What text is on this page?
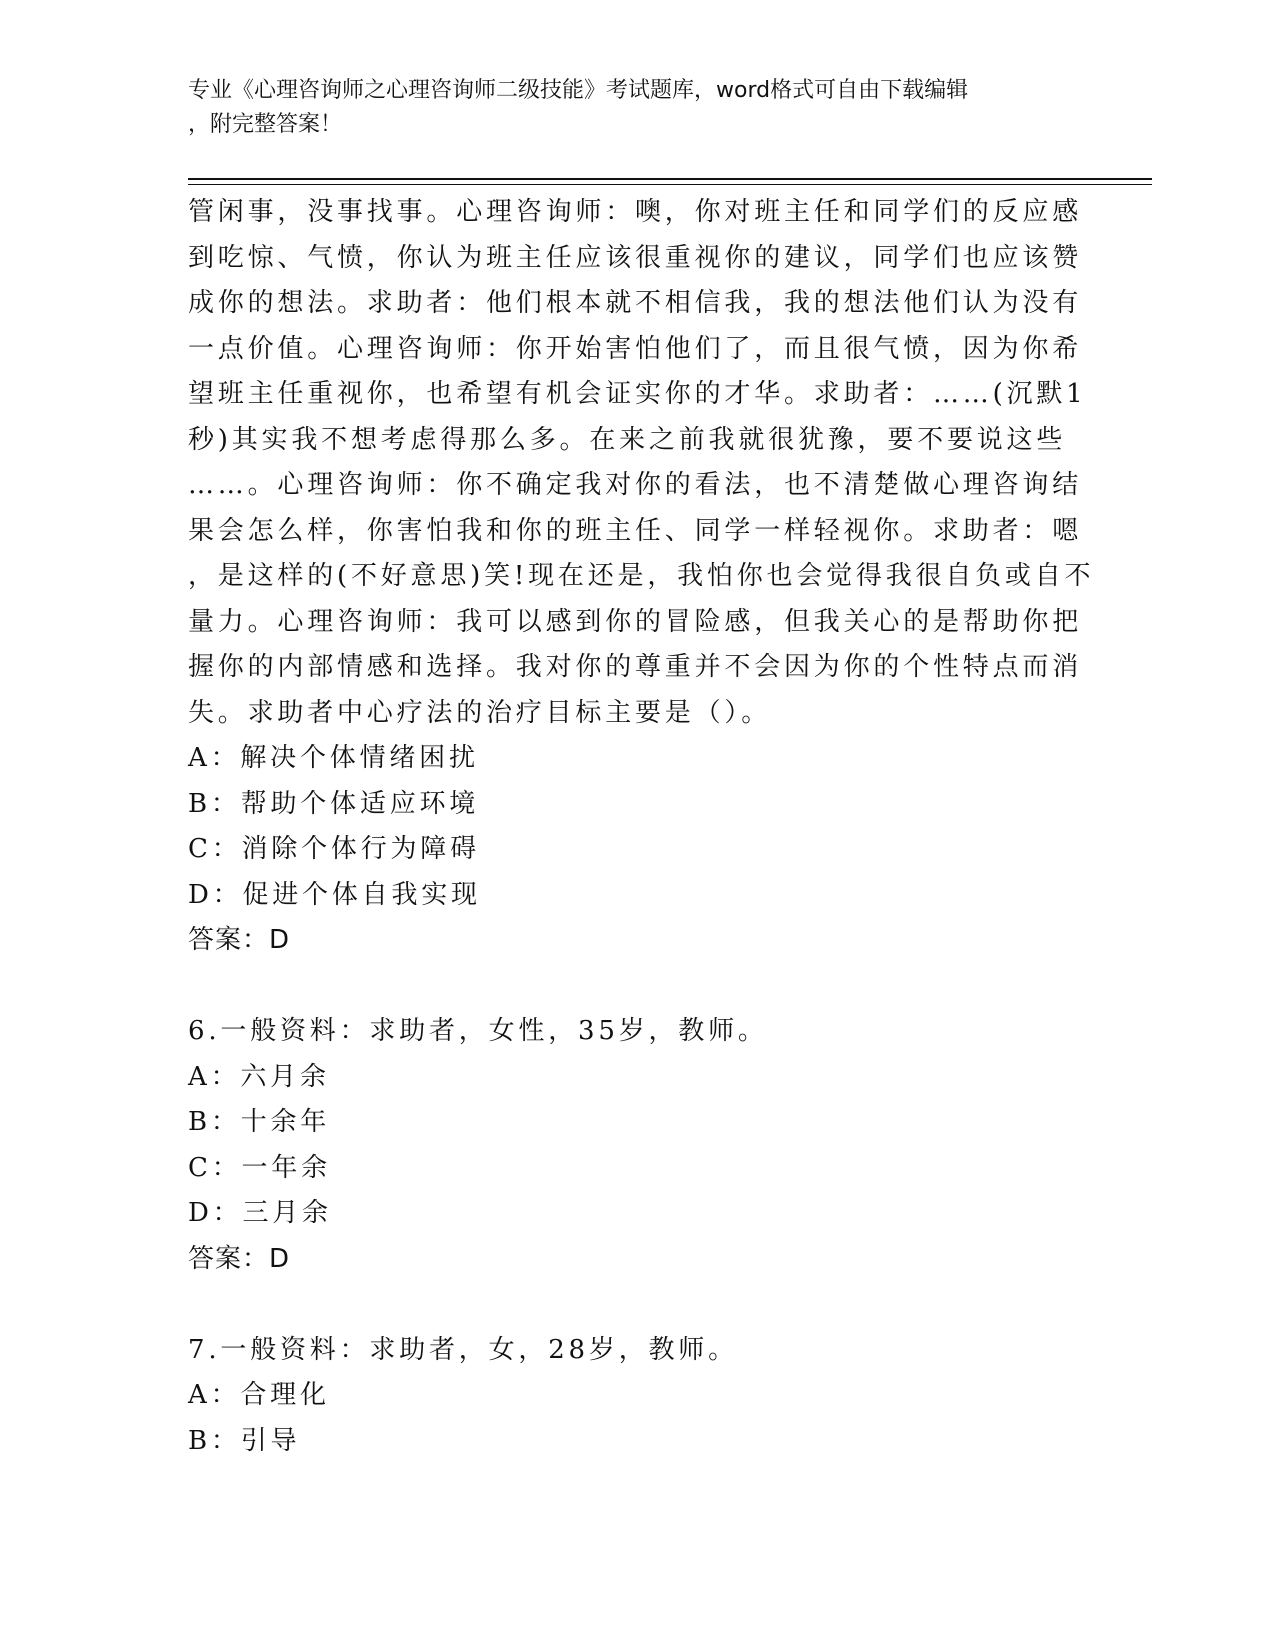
专业《心理咨询师之心理咨询师二级技能》考试题库，word格式可自由下载编辑
，附完整答案！
管闲事，没事找事。心理咨询师：噢，你对班主任和同学们的反应感
到吃惊、气愤，你认为班主任应该很重视你的建议，同学们也应该赞
成你的想法。求助者：他们根本就不相信我，我的想法他们认为没有
一点价值。心理咨询师：你开始害怕他们了，而且很气愤，因为你希
望班主任重视你，也希望有机会证实你的才华。求助者：……(沉默1
秒)其实我不想考虑得那么多。在来之前我就很犹豫，要不要说这些
……。心理咨询师：你不确定我对你的看法，也不清楚做心理咨询结
果会怎么样，你害怕我和你的班主任、同学一样轻视你。求助者：嗯
，是这样的(不好意思)笑!现在还是，我怕你也会觉得我很自负或自不
量力。心理咨询师：我可以感到你的冒险感，但我关心的是帮助你把
握你的内部情感和选择。我对你的尊重并不会因为你的个性特点而消
失。求助者中心疗法的治疗目标主要是（）。
A：解决个体情绪困扰
B：帮助个体适应环境
C：消除个体行为障碍
D：促进个体自我实现
答案：D
6.一般资料：求助者，女性，35岁，教师。
A：六月余
B：十余年
C：一年余
D：三月余
答案：D
7.一般资料：求助者，女，28岁，教师。
A：合理化
B：引导
